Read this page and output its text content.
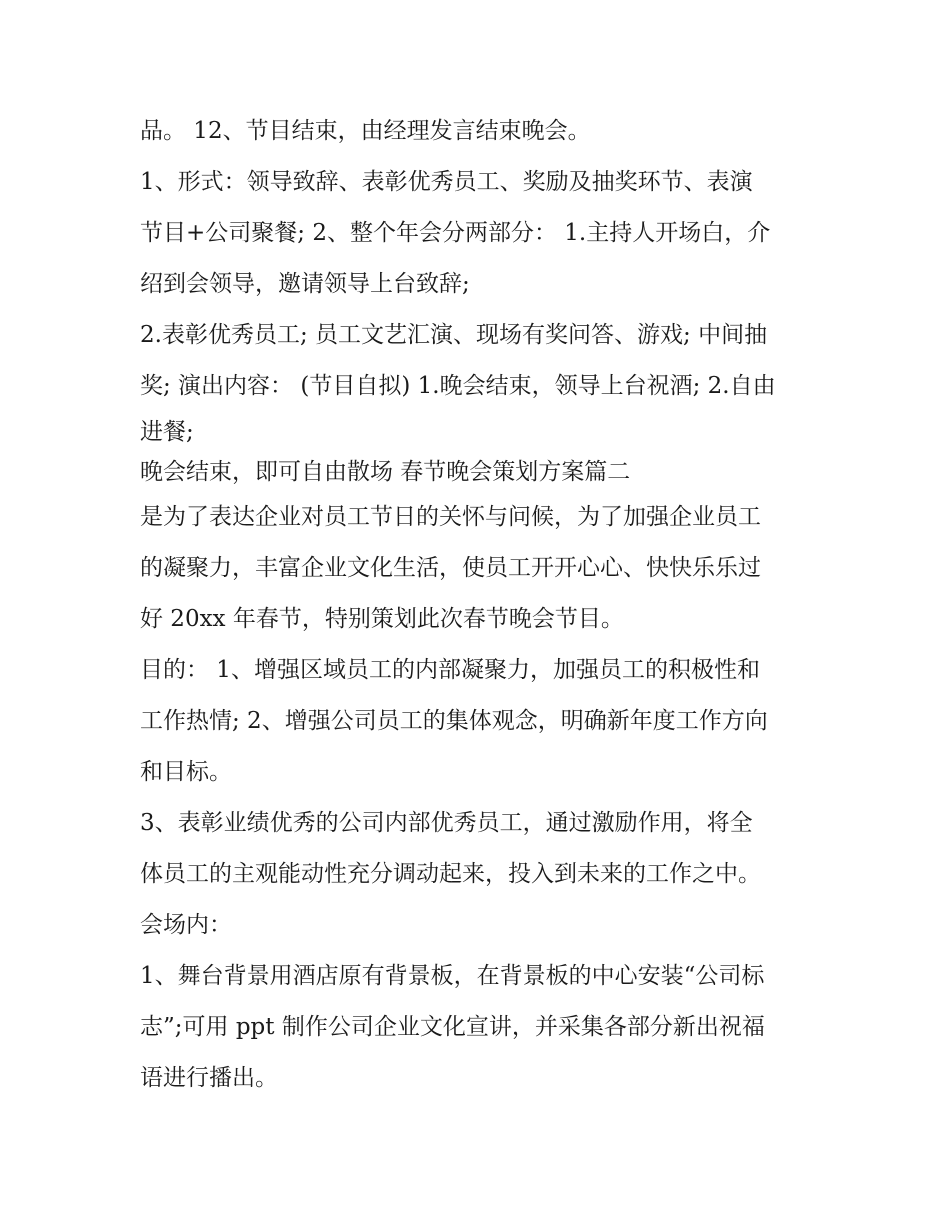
品。 12、节目结束，由经理发言结束晚会。
1、形式：领导致辞、表彰优秀员工、奖励及抽奖环节、表演
节目+公司聚餐; 2、整个年会分两部分： 1.主持人开场白，介
绍到会领导，邀请领导上台致辞;
2.表彰优秀员工; 员工文艺汇演、现场有奖问答、游戏; 中间抽
奖; 演出内容： (节目自拟) 1.晚会结束，领导上台祝酒; 2.自由
进餐;
晚会结束，即可自由散场 春节晚会策划方案篇二
是为了表达企业对员工节日的关怀与问候，为了加强企业员工
的凝聚力，丰富企业文化生活，使员工开开心心、快快乐乐过
好 20xx 年春节，特别策划此次春节晚会节目。
目的： 1、增强区域员工的内部凝聚力，加强员工的积极性和
工作热情; 2、增强公司员工的集体观念，明确新年度工作方向
和目标。
3、表彰业绩优秀的公司内部优秀员工，通过激励作用，将全
体员工的主观能动性充分调动起来，投入到未来的工作之中。
会场内：
1、舞台背景用酒店原有背景板，在背景板的中心安装“公司标
志”;可用 ppt 制作公司企业文化宣讲，并采集各部分新出祝福
语进行播出。
